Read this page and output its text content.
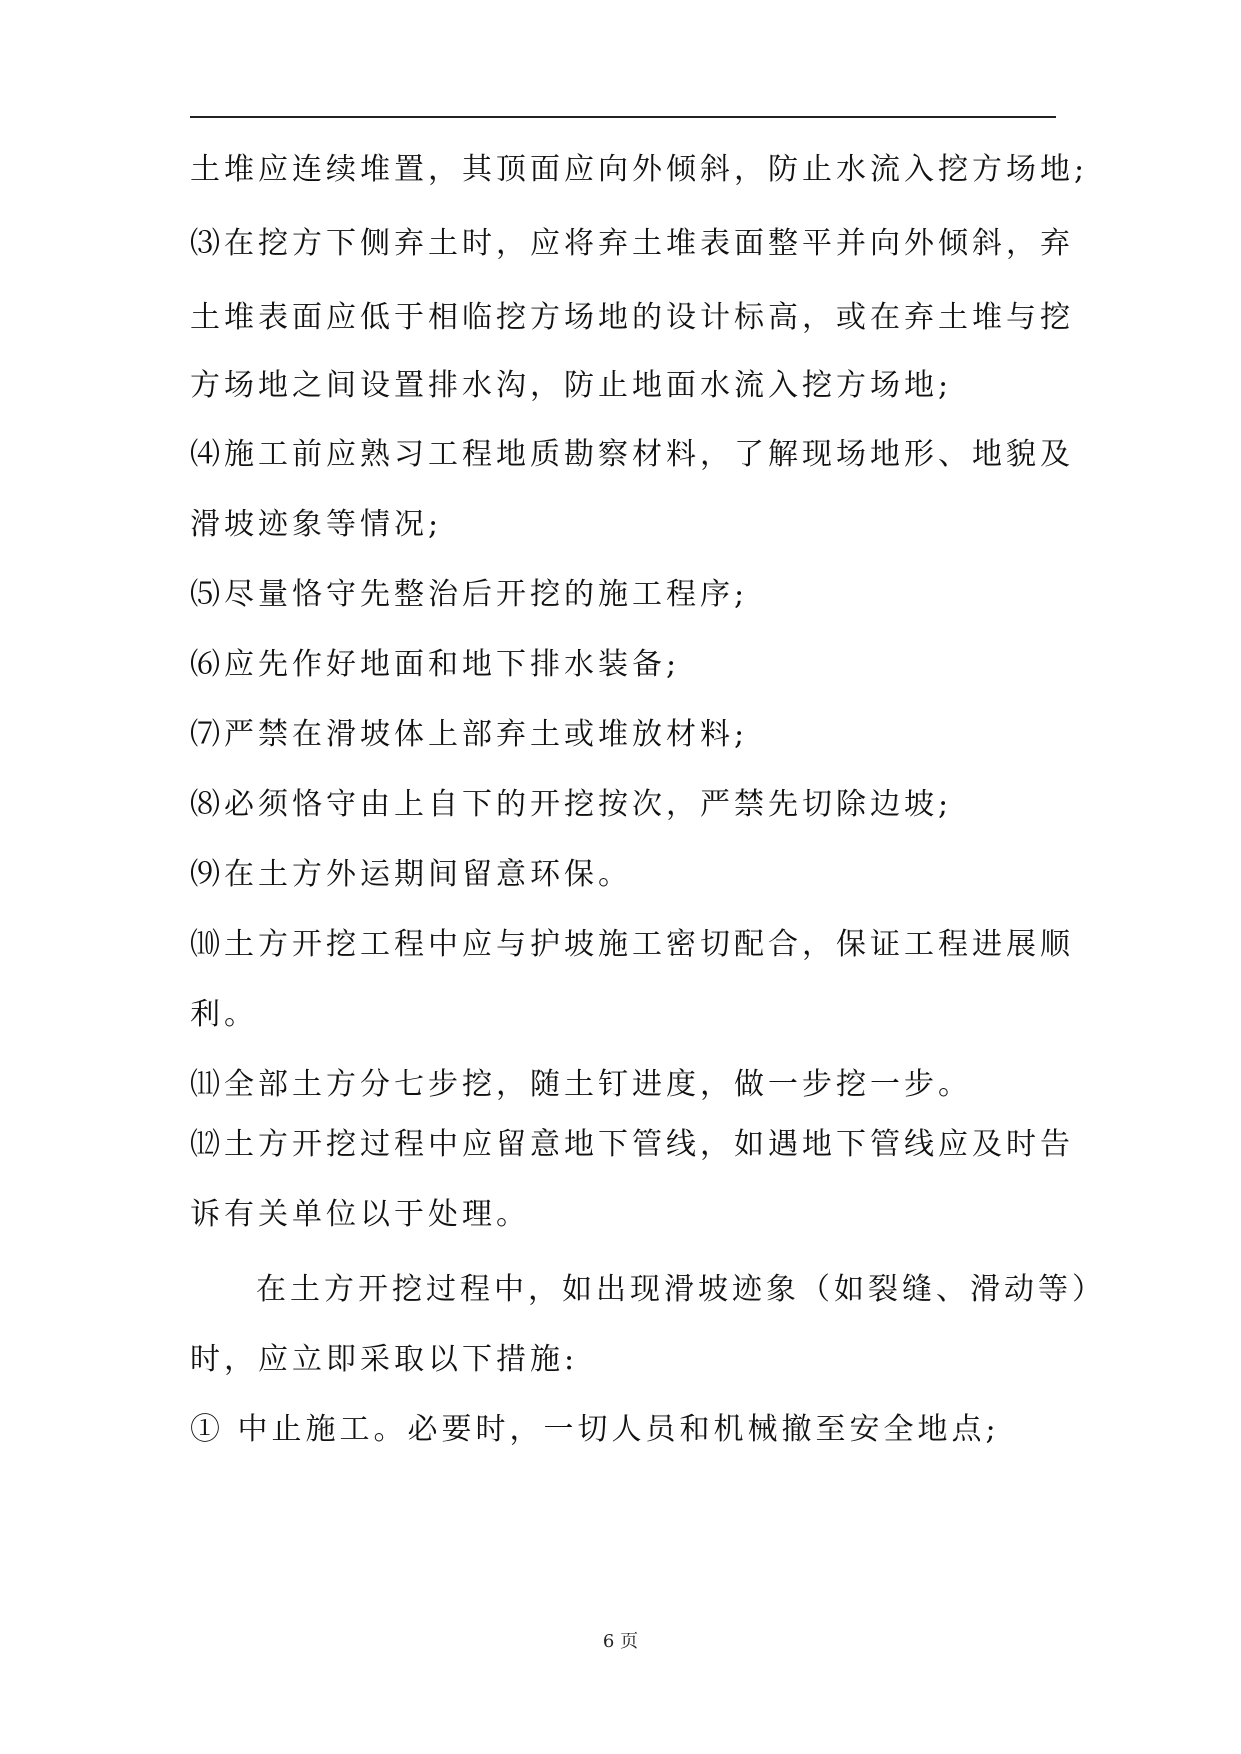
土堆应连续堆置，其顶面应向外倾斜，防止水流入挖方场地;
⑶在挖方下侧弃土时，应将弃土堆表面整平并向外倾斜，弃
土堆表面应低于相临挖方场地的设计标高，或在弃土堆与挖
方场地之间设置排水沟，防止地面水流入挖方场地;
⑷施工前应熟习工程地质勘察材料，了解现场地形、地貌及
滑坡迹象等情况;
⑸尽量恪守先整治后开挖的施工程序;
⑹应先作好地面和地下排水装备;
⑺严禁在滑坡体上部弃土或堆放材料;
⑻必须恪守由上自下的开挖按次，严禁先切除边坡;
⑼在土方外运期间留意环保。
⑽土方开挖工程中应与护坡施工密切配合，保证工程进展顺
利。
⑾全部土方分七步挖，随土钉进度，做一步挖一步。
⑿土方开挖过程中应留意地下管线，如遇地下管线应及时告
诉有关单位以于处理。
在土方开挖过程中，如出现滑坡迹象（如裂缝、滑动等）
时，应立即采取以下措施:
① 中止施工。必要时，一切人员和机械撤至安全地点;
6 页
